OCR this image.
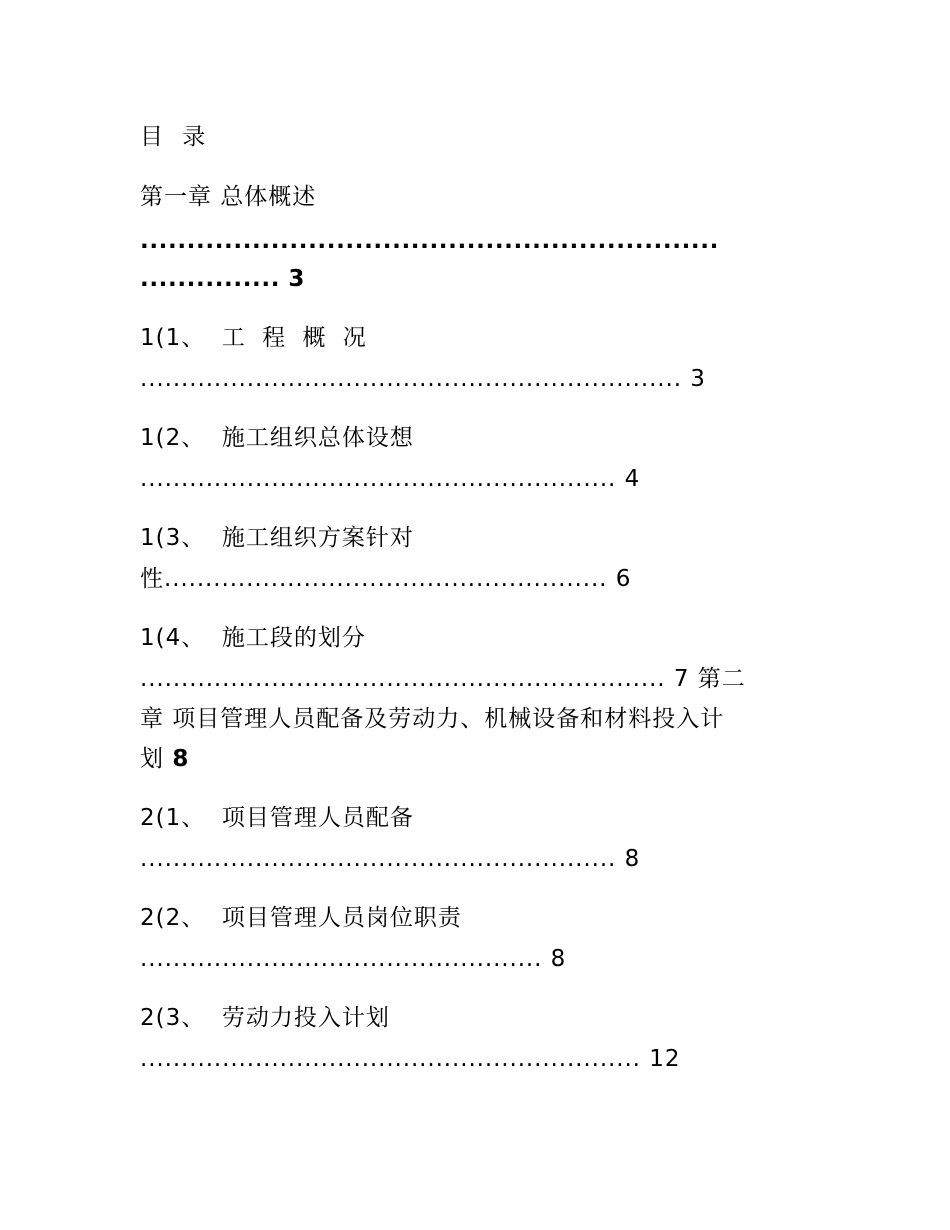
目 录
第一章 总体概述
..............................................................
............... 3
1(1、 工 程 概 况
.................................................................. 3
1(2、 施工组织总体设想
.......................................................... 4
1(3、 施工组织方案针对
性...................................................... 6
1(4、 施工段的划分
................................................................ 7 第二
章 项目管理人员配备及劳动力、机械设备和材料投入计
划 8
2(1、 项目管理人员配备
.......................................................... 8
2(2、 项目管理人员岗位职责
................................................. 8
2(3、 劳动力投入计划
............................................................. 12
